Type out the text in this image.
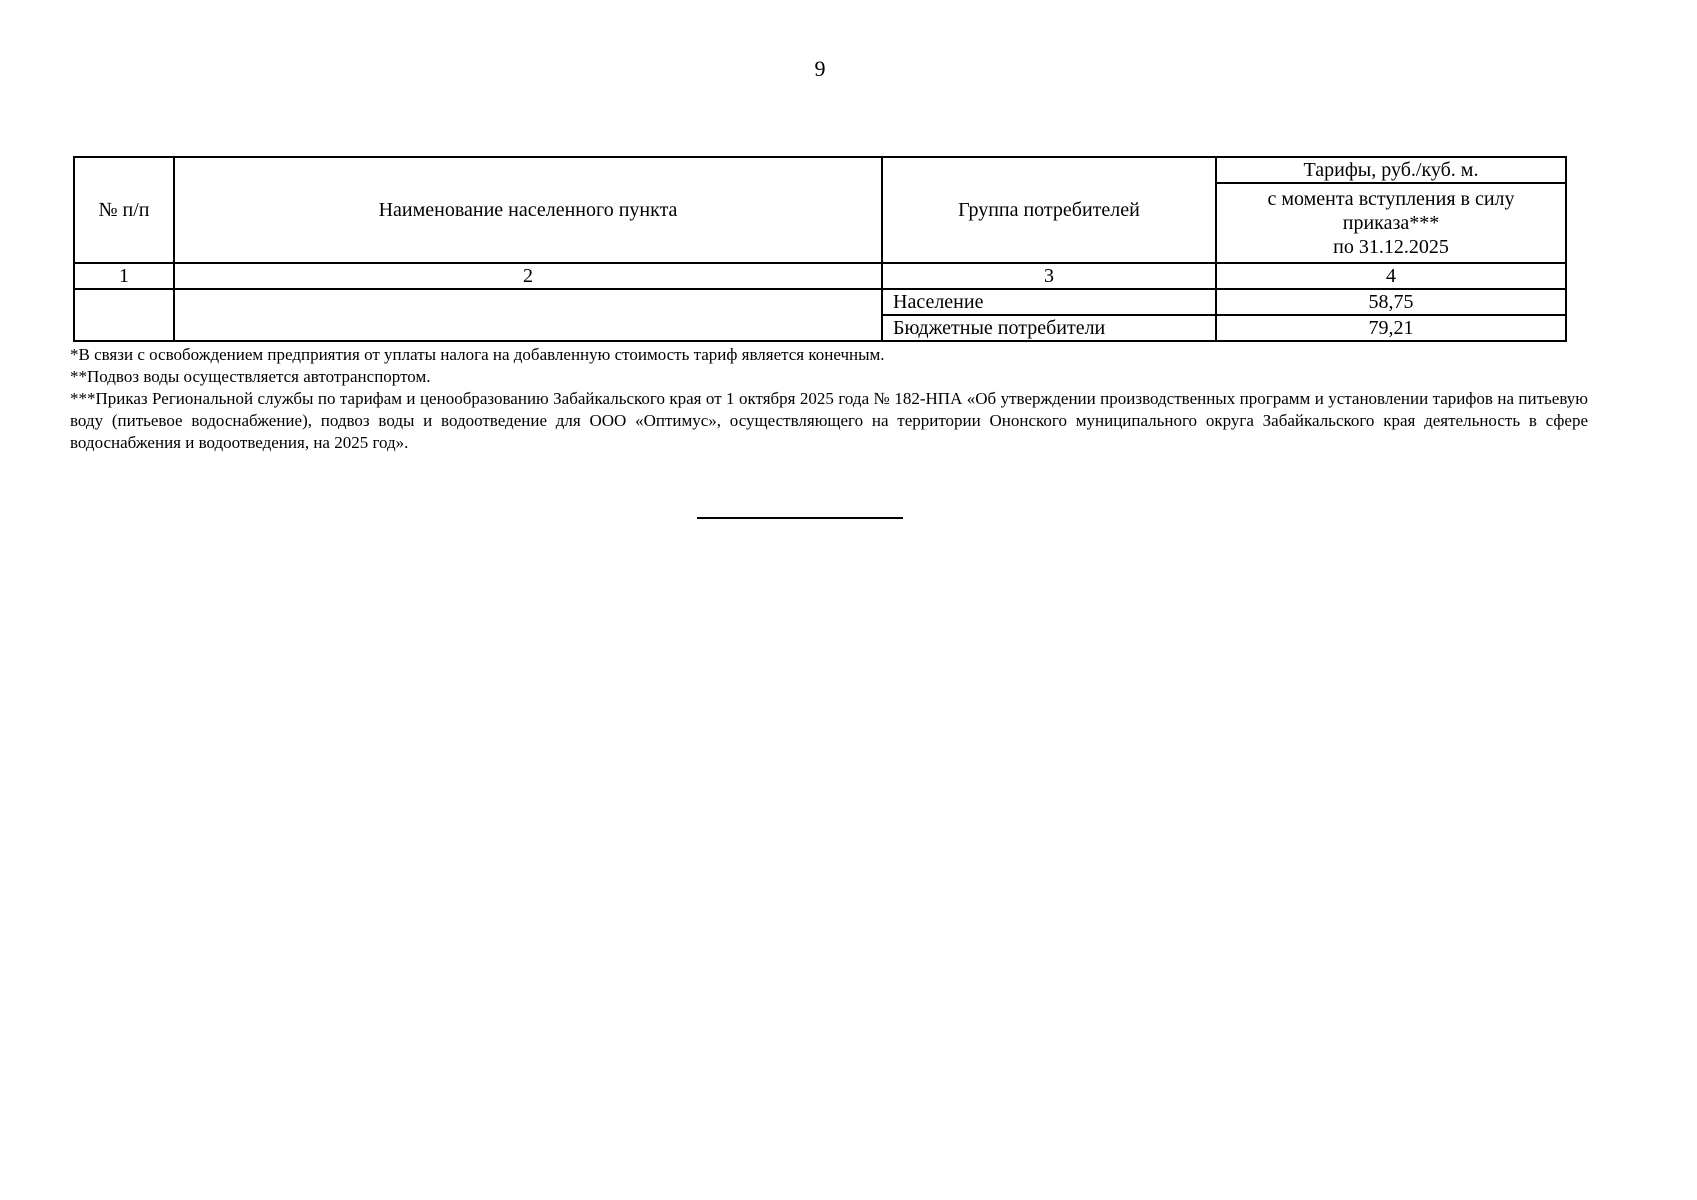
9
№ п/п	Наименование населенного пункта	Группа потребителей	Тарифы, руб./куб. м.

			с момента вступления в силу приказа***
по 31.12.2025

1	2	3	4
		Население	58,75
		Бюджетные потребители	79,21

*В связи с освобождением предприятия от уплаты налога на добавленную стоимость тариф является конечным.

**Подвоз воды осуществляется автотранспортом.

***Приказ Региональной службы по тарифам и ценообразованию Забайкальского края от 1 октября 2025 года № 182-НПА «Об утверждении производственных программ и установлении тарифов на питьевую воду (питьевое водоснабжение), подвоз воды и водоотведение для ООО «Оптимус», осуществляющего на территории Ононского муниципального округа Забайкальского края деятельность в сфере водоснабжения и водоотведения, на 2025 год».
